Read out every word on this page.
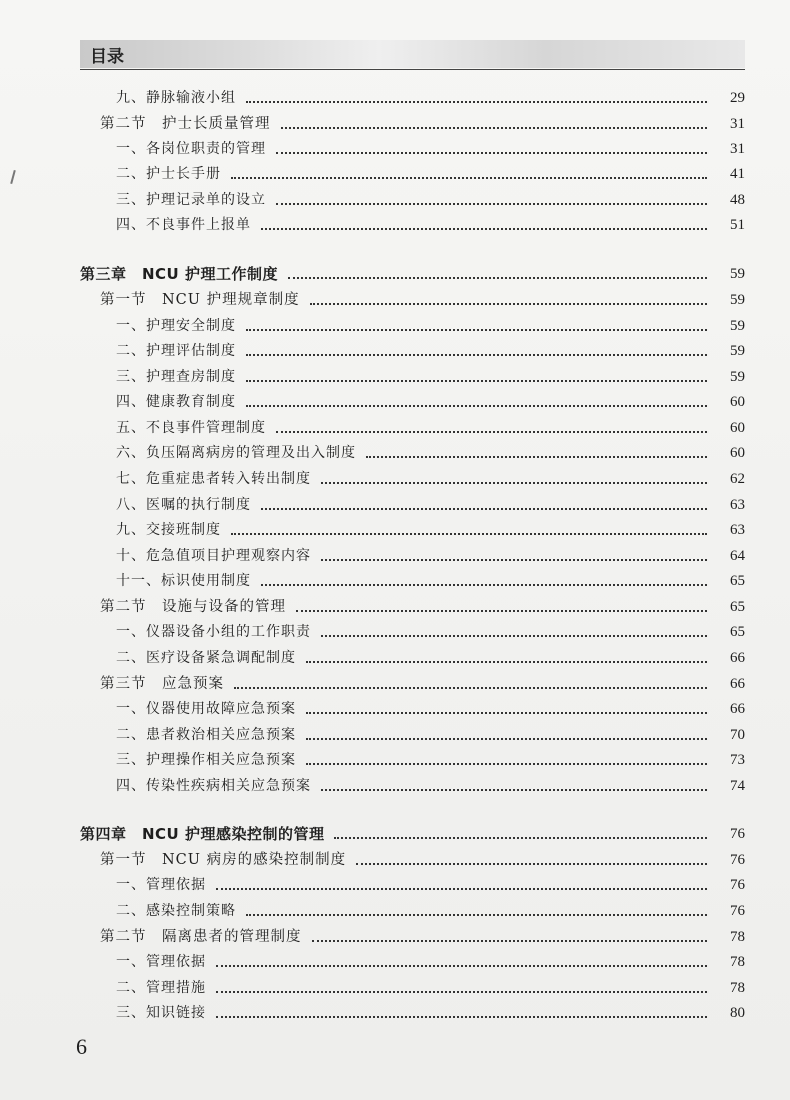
目录
九、静脉输液小组	29
第二节　护士长质量管理	31
一、各岗位职责的管理	31
二、护士长手册	41
三、护理记录单的设立	48
四、不良事件上报单	51
第三章　NCU 护理工作制度	59
第一节　NCU 护理规章制度	59
一、护理安全制度	59
二、护理评估制度	59
三、护理查房制度	59
四、健康教育制度	60
五、不良事件管理制度	60
六、负压隔离病房的管理及出入制度	60
七、危重症患者转入转出制度	62
八、医嘱的执行制度	63
九、交接班制度	63
十、危急值项目护理观察内容	64
十一、标识使用制度	65
第二节　设施与设备的管理	65
一、仪器设备小组的工作职责	65
二、医疗设备紧急调配制度	66
第三节　应急预案	66
一、仪器使用故障应急预案	66
二、患者救治相关应急预案	70
三、护理操作相关应急预案	73
四、传染性疾病相关应急预案	74
第四章　NCU 护理感染控制的管理	76
第一节　NCU 病房的感染控制制度	76
一、管理依据	76
二、感染控制策略	76
第二节　隔离患者的管理制度	78
一、管理依据	78
二、管理措施	78
三、知识链接	80
6
